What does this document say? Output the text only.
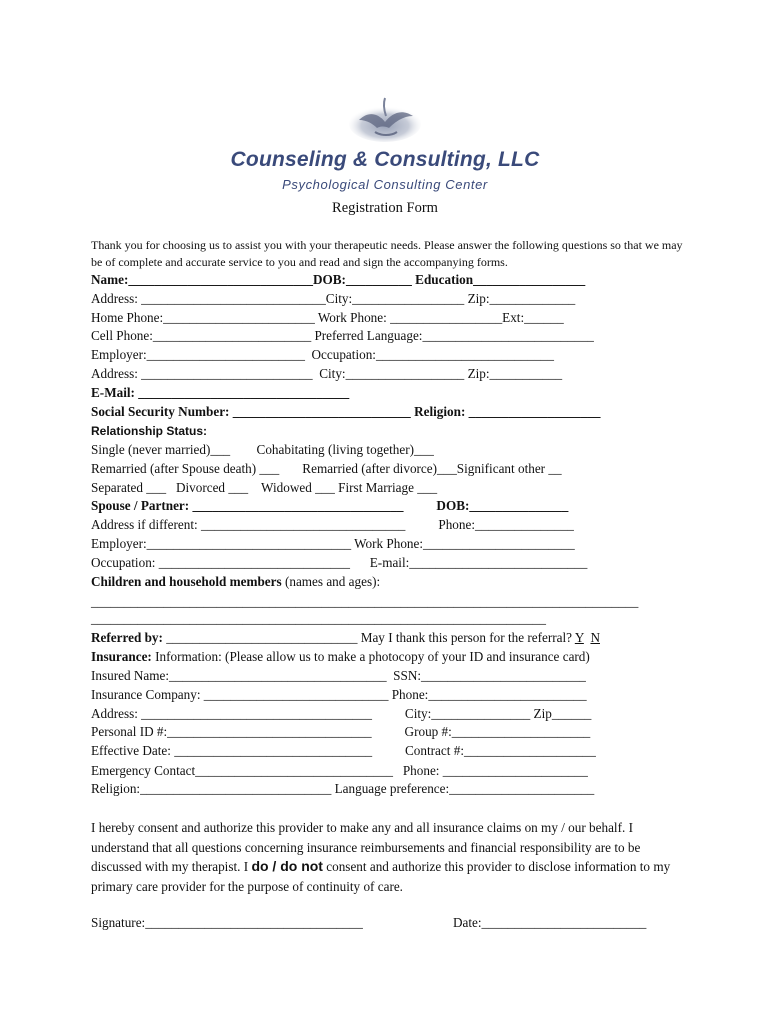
Counseling & Consulting, LLC
Psychological Consulting Center
Registration Form
Thank you for choosing us to assist you with your therapeutic needs. Please answer the following questions so that we may be of complete and accurate service to you and read and sign the accompanying forms.
Name:____________________________DOB:__________ Education_________________
Address: ____________________________City:_________________ Zip:_____________
Home Phone:_______________________ Work Phone: _________________Ext:______
Cell Phone:________________________ Preferred Language:__________________________
Employer:________________________  Occupation:___________________________
Address: __________________________  City:__________________ Zip:___________
E-Mail: ________________________________
Social Security Number: ___________________________ Religion: ____________________
Relationship Status:
Single (never married)___        Cohabitating (living together)___
Remarried (after Spouse death) ___       Remarried (after divorce)___Significant other __
Separated ___   Divorced ___    Widowed ___ First Marriage ___
Spouse / Partner: ________________________________          DOB:_______________
Address if different: _______________________________          Phone:_______________
Employer:_______________________________ Work Phone:_______________________
Occupation: _____________________________      E-mail:___________________________
Children and household members (names and ages):
___________________________________________________________________________________
_____________________________________________________________________
Referred by: _____________________________ May I thank this person for the referral? Y N
Insurance: Information: (Please allow us to make a photocopy of your ID and insurance card)
Insured Name:_________________________________  SSN:_________________________
Insurance Company: ____________________________ Phone:________________________
Address: ___________________________________          City:_______________ Zip______
Personal ID #:_______________________________          Group #:_____________________
Effective Date: ______________________________          Contract #:____________________
Emergency Contact______________________________   Phone: ______________________
Religion:_____________________________ Language preference:______________________
I hereby consent and authorize this provider to make any and all insurance claims on my / our behalf. I understand that all questions concerning insurance reimbursements and financial responsibility are to be discussed with my therapist. I do / do not consent and authorize this provider to disclose information to my primary care provider for the purpose of continuity of care.
Signature:_________________________________	Date:_________________________
